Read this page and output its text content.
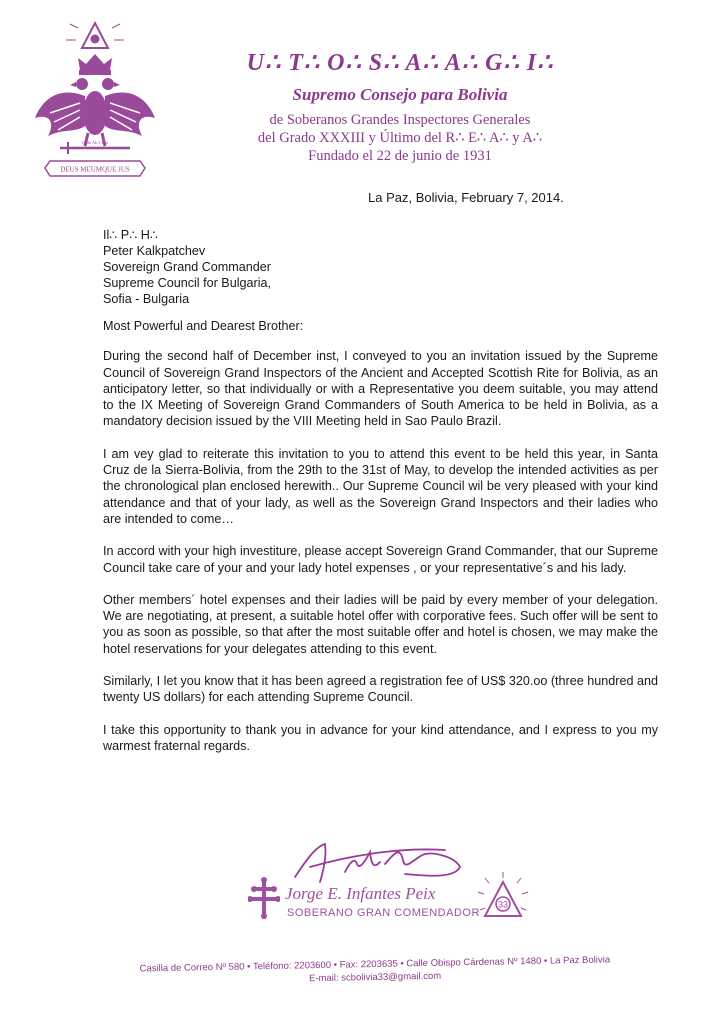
DEUS MEUMQUE JUS
Ordo Ab Chao
U∴ T∴ O∴ S∴ A∴ A∴ G∴ I∴
Supremo Consejo para Bolivia
de Soberanos Grandes Inspectores Generales
del Grado XXXIII y Último del R∴ E∴ A∴ y A∴
Fundado el 22 de junio de 1931
La Paz, Bolivia, February 7, 2014.
Il∴ P∴ H∴
Peter Kalkpatchev
Sovereign Grand Commander
Supreme Council for Bulgaria,
Sofia - Bulgaria

Most Powerful and Dearest Brother:

During the second half of December inst, I conveyed to you an invitation issued by the Supreme Council of Sovereign Grand Inspectors of the Ancient and Accepted Scottish Rite for Bolivia, as an anticipatory letter, so that individually or with a Representative you deem suitable, you may attend to the IX Meeting of Sovereign Grand Commanders of South America to be held in Bolivia, as a mandatory decision issued by the VIII Meeting held in Sao Paulo Brazil.

I am vey glad to reiterate this invitation to you to attend this event to be held this year, in Santa Cruz de la Sierra-Bolivia, from the 29th to the 31st of May, to develop the intended activities as per the chronological plan enclosed herewith.. Our Supreme Council wil be very pleased with your kind attendance and that of your lady, as well as the Sovereign Grand Inspectors and their ladies who are intended to come…

In accord with your high investiture, please accept Sovereign Grand Commander, that our Supreme Council take care of your and your lady hotel expenses , or your representative´s and his lady.

Other members´ hotel expenses and their ladies will be paid by every member of your delegation. We are negotiating, at present, a suitable hotel offer with corporative fees. Such offer will be sent to you as soon as possible, so that after the most suitable offer and hotel is chosen, we may make the hotel reservations for your delegates attending to this event.

Similarly, I let you know that it has been agreed a registration fee of US$ 320.oo (three hundred and twenty US dollars) for each attending Supreme Council.

I take this opportunity to thank you in advance for your kind attendance, and I express to you my warmest fraternal regards.

Jorge E. Infantes Peix
SOBERANO GRAN COMENDADOR
33
Casilla de Correo Nº 580 • Teléfono: 2203600 • Fax: 2203635 • Calle Obispo Cárdenas Nº 1480 • La Paz Bolivia
E-mail: scbolivia33@gmail.com
